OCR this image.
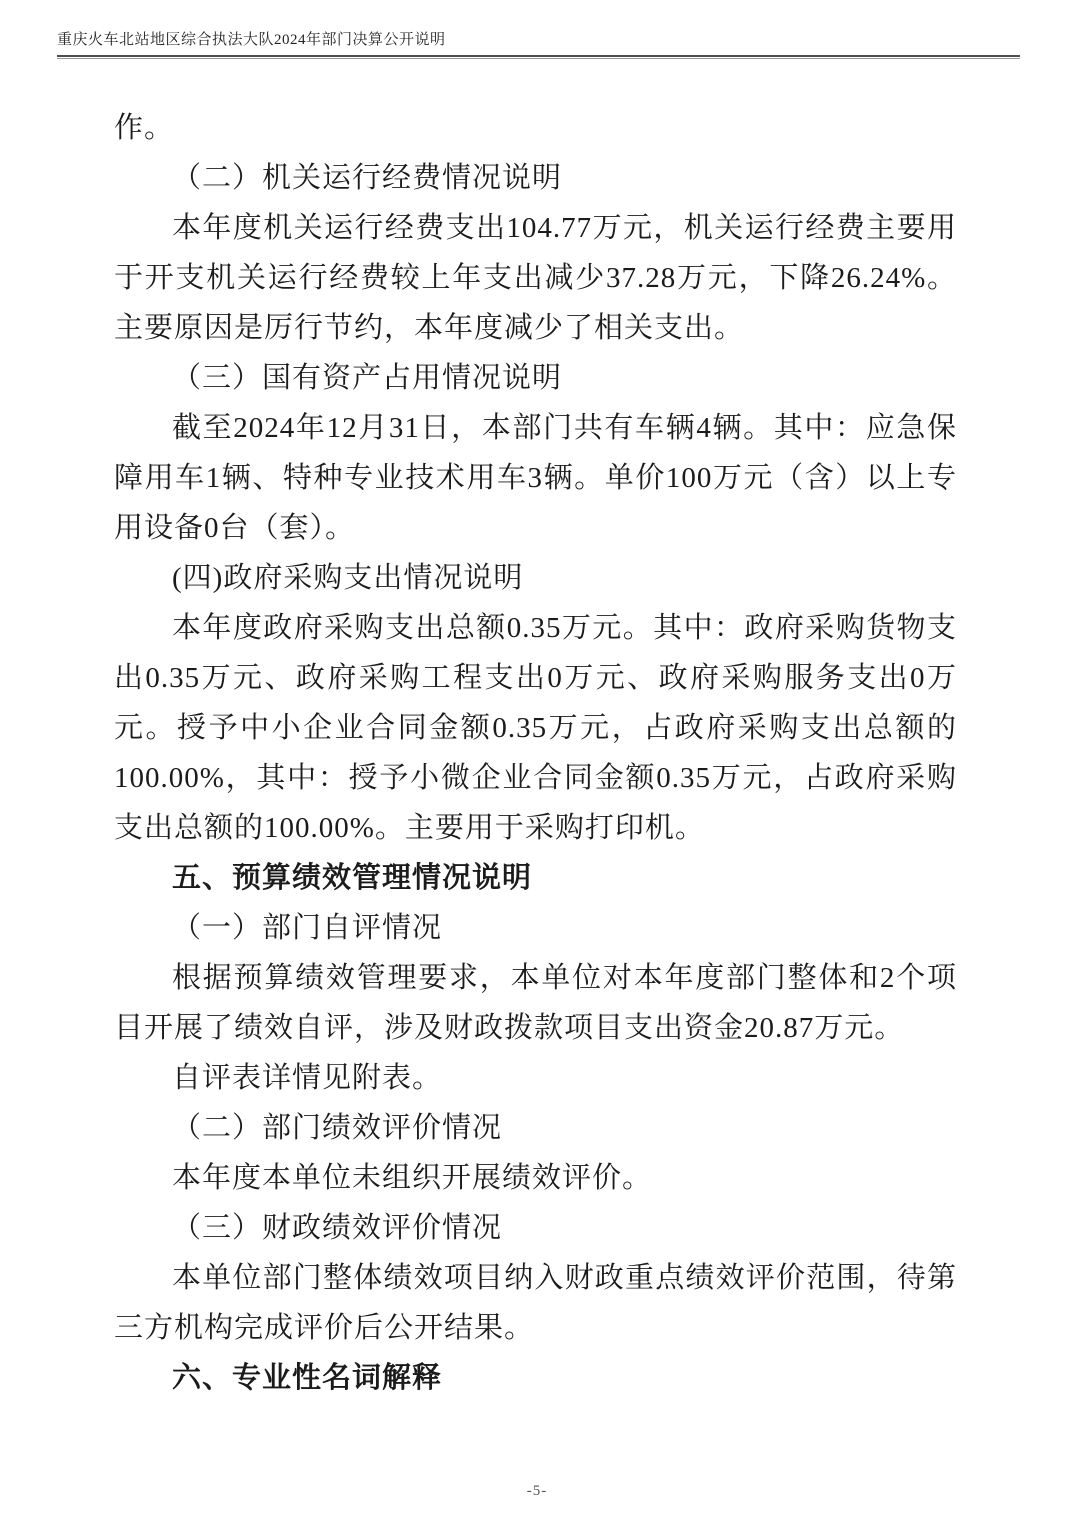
重庆火车北站地区综合执法大队2024年部门决算公开说明

作。

（二）机关运行经费情况说明

本年度机关运行经费支出104.77万元，机关运行经费主要用于开支机关运行经费较上年支出减少37.28万元，下降26.24%。主要原因是厉行节约，本年度减少了相关支出。

（三）国有资产占用情况说明

截至2024年12月31日，本部门共有车辆4辆。其中：应急保障用车1辆、特种专业技术用车3辆。单价100万元（含）以上专用设备0台（套）。

(四)政府采购支出情况说明

本年度政府采购支出总额0.35万元。其中：政府采购货物支出0.35万元、政府采购工程支出0万元、政府采购服务支出0万元。授予中小企业合同金额0.35万元，占政府采购支出总额的100.00%，其中：授予小微企业合同金额0.35万元，占政府采购支出总额的100.00%。主要用于采购打印机。

五、预算绩效管理情况说明

（一）部门自评情况

根据预算绩效管理要求，本单位对本年度部门整体和2个项目开展了绩效自评，涉及财政拨款项目支出资金20.87万元。

自评表详情见附表。

（二）部门绩效评价情况

本年度本单位未组织开展绩效评价。

（三）财政绩效评价情况

本单位部门整体绩效项目纳入财政重点绩效评价范围，待第三方机构完成评价后公开结果。

六、专业性名词解释

-5-
